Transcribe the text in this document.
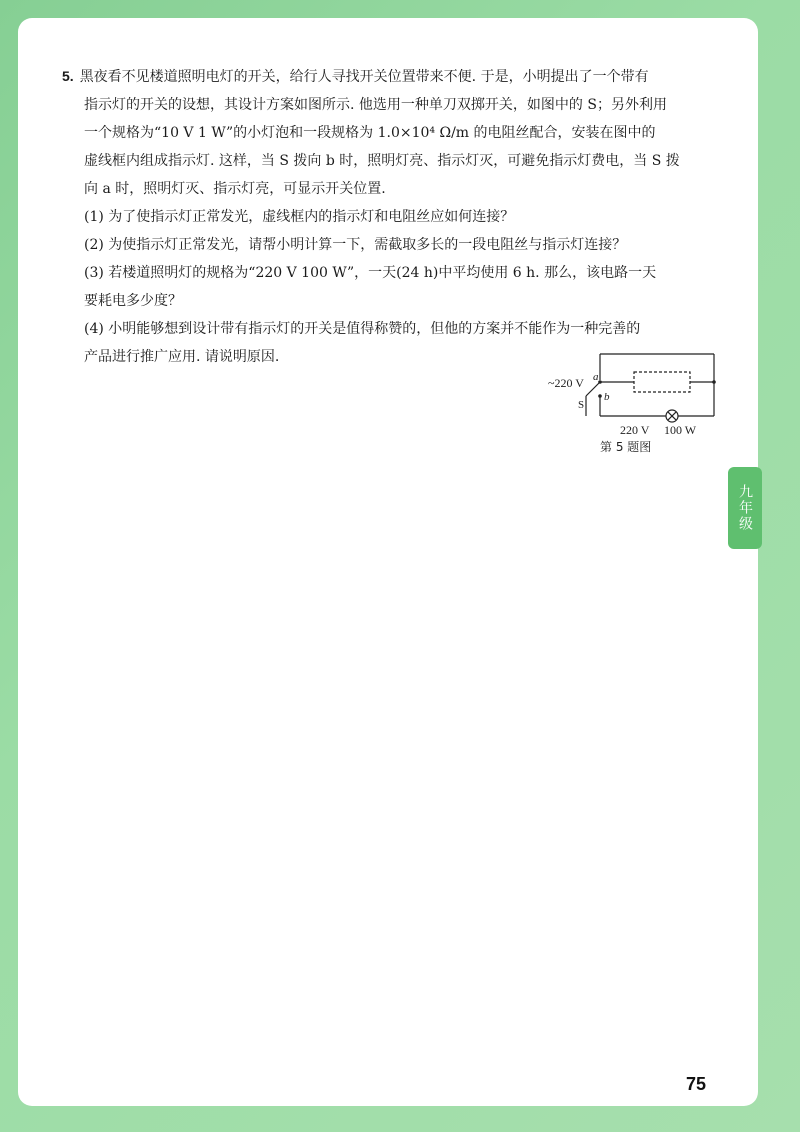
九年级

5. 黑夜看不见楼道照明电灯的开关，给行人寻找开关位置带来不便. 于是，小明提出了一个带有

指示灯的开关的设想，其设计方案如图所示. 他选用一种单刀双掷开关，如图中的 S；另外利用

一个规格为“10 V 1 W”的小灯泡和一段规格为 1.0×10⁴ Ω/m 的电阻丝配合，安装在图中的

虚线框内组成指示灯. 这样，当 S 拨向 b 时，照明灯亮、指示灯灭，可避免指示灯费电，当 S 拨

向 a 时，照明灯灭、指示灯亮，可显示开关位置.

(1) 为了使指示灯正常发光，虚线框内的指示灯和电阻丝应如何连接？

(2) 为使指示灯正常发光，请帮小明计算一下，需截取多长的一段电阻丝与指示灯连接？

(3) 若楼道照明灯的规格为“220 V 100 W”，一天(24 h)中平均使用 6 h. 那么，该电路一天

要耗电多少度？

(4) 小明能够想到设计带有指示灯的开关是值得称赞的，但他的方案并不能作为一种完善的

产品进行推广应用. 请说明原因.

~220 V a
S
b
220 V 100 W
第 5 题图
75
